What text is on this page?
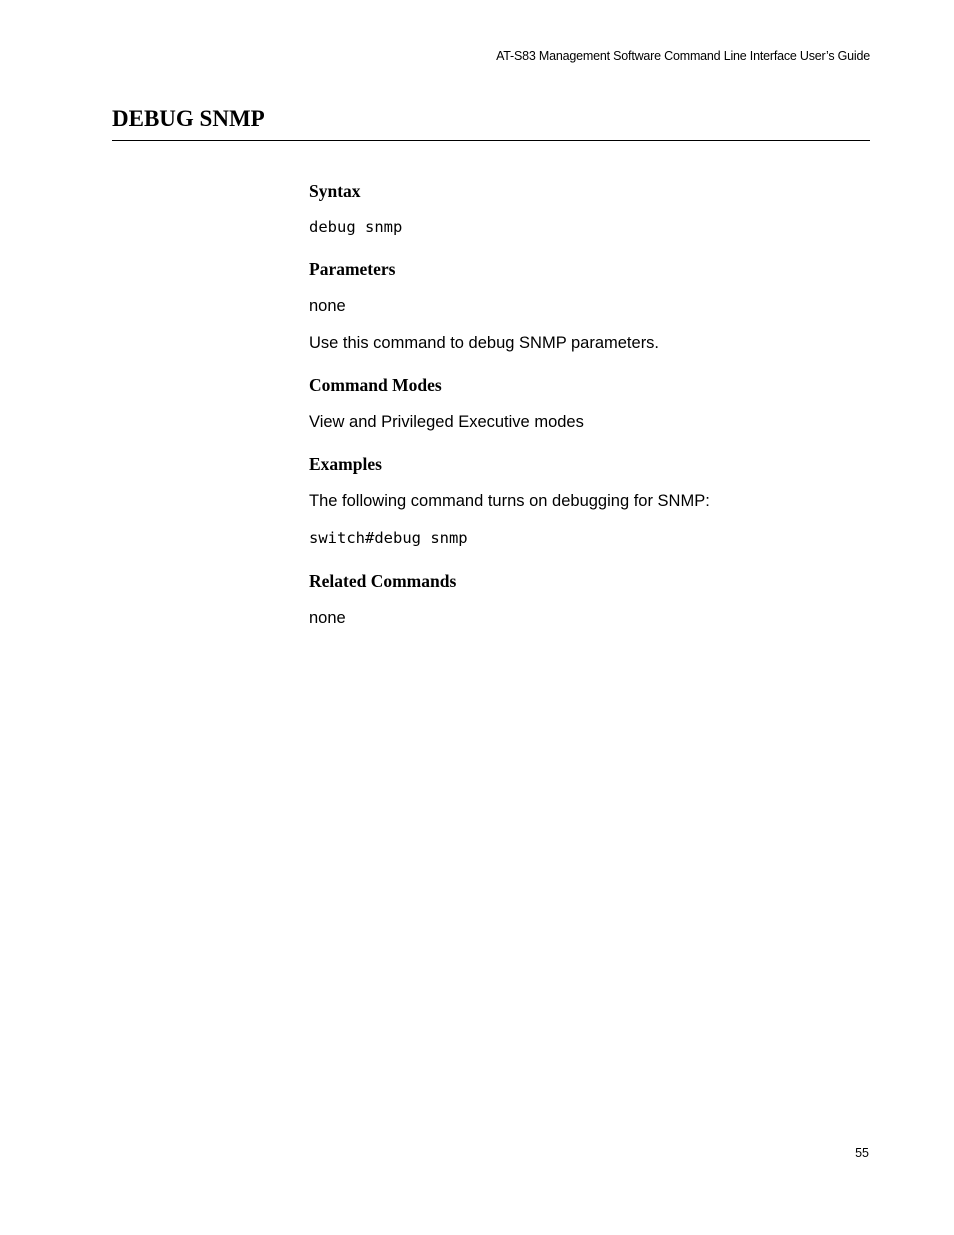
AT-S83 Management Software Command Line Interface User’s Guide
DEBUG SNMP
Syntax

debug snmp

Parameters

none

Use this command to debug SNMP parameters.

Command Modes

View and Privileged Executive modes

Examples

The following command turns on debugging for SNMP:

switch#debug snmp

Related Commands

none

55
